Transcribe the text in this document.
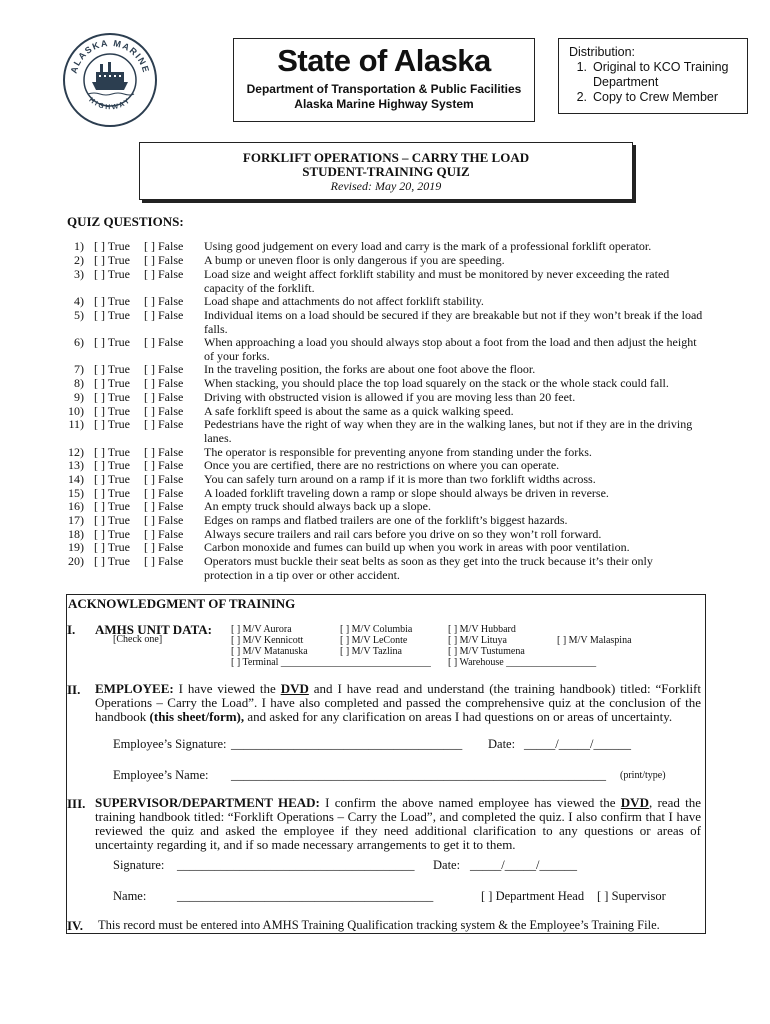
ALASKA MARINE
HIGHWAY
State of Alaska
Department of Transportation & Public Facilities
Alaska Marine Highway System
Distribution:
1. Original to KCO Training
Department
2. Copy to Crew Member
FORKLIFT OPERATIONS – CARRY THE LOAD
STUDENT-TRAINING QUIZ
Revised: May 20, 2019
QUIZ QUESTIONS:
1) [ ] True [ ] False Using good judgement on every load and carry is the mark of a professional forklift operator.
2) [ ] True [ ] False A bump or uneven floor is only dangerous if you are speeding.
3) [ ] True [ ] False Load size and weight affect forklift stability and must be monitored by never exceeding the rated capacity of the forklift.
4) [ ] True [ ] False Load shape and attachments do not affect forklift stability.
5) [ ] True [ ] False Individual items on a load should be secured if they are breakable but not if they won’t break if the load falls.
6) [ ] True [ ] False When approaching a load you should always stop about a foot from the load and then adjust the height of your forks.
7) [ ] True [ ] False In the traveling position, the forks are about one foot above the floor.
8) [ ] True [ ] False When stacking, you should place the top load squarely on the stack or the whole stack could fall.
9) [ ] True [ ] False Driving with obstructed vision is allowed if you are moving less than 20 feet.
10) [ ] True [ ] False A safe forklift speed is about the same as a quick walking speed.
11) [ ] True [ ] False Pedestrians have the right of way when they are in the walking lanes, but not if they are in the driving lanes.
12) [ ] True [ ] False The operator is responsible for preventing anyone from standing under the forks.
13) [ ] True [ ] False Once you are certified, there are no restrictions on where you can operate.
14) [ ] True [ ] False You can safely turn around on a ramp if it is more than two forklift widths across.
15) [ ] True [ ] False A loaded forklift traveling down a ramp or slope should always be driven in reverse.
16) [ ] True [ ] False An empty truck should always back up a slope.
17) [ ] True [ ] False Edges on ramps and flatbed trailers are one of the forklift’s biggest hazards.
18) [ ] True [ ] False Always secure trailers and rail cars before you drive on so they won’t roll forward.
19) [ ] True [ ] False Carbon monoxide and fumes can build up when you work in areas with poor ventilation.
20) [ ] True [ ] False Operators must buckle their seat belts as soon as they get into the truck because it’s their only protection in a tip over or other accident.
ACKNOWLEDGMENT OF TRAINING
I. AMHS UNIT DATA:
[Check one]
[ ] M/V Aurora
[ ] M/V Kennicott
[ ] M/V Matanuska
[ ] Terminal ______________________________
[ ] M/V Columbia
[ ] M/V LeConte
[ ] M/V Tazlina
[ ] M/V Hubbard
[ ] M/V Lituya
[ ] M/V Tustumena
[ ] Warehouse __________________
[ ] M/V Malaspina
II. EMPLOYEE: I have viewed the DVD and I have read and understand (the training handbook) titled: “Forklift Operations – Carry the Load”. I have also completed and passed the comprehensive quiz at the conclusion of the handbook (this sheet/form), and asked for any clarification on areas I had questions on or areas of uncertainty.
Employee’s Signature: _____________________________________ Date: _____/_____/______
Employee’s Name: ____________________________________________________________ (print/type)
III. SUPERVISOR/DEPARTMENT HEAD: I confirm the above named employee has viewed the DVD, read the training handbook titled: “Forklift Operations – Carry the Load”, and completed the quiz. I also confirm that I have reviewed the quiz and asked the employee if they need additional clarification to any questions or areas of uncertainty regarding it, and if so made necessary arrangements to get it to them.
Signature: ______________________________________ Date: _____/_____/______
Name: _________________________________________	[ ] Department Head [ ] Supervisor
IV. This record must be entered into AMHS Training Qualification tracking system & the Employee’s Training File.
